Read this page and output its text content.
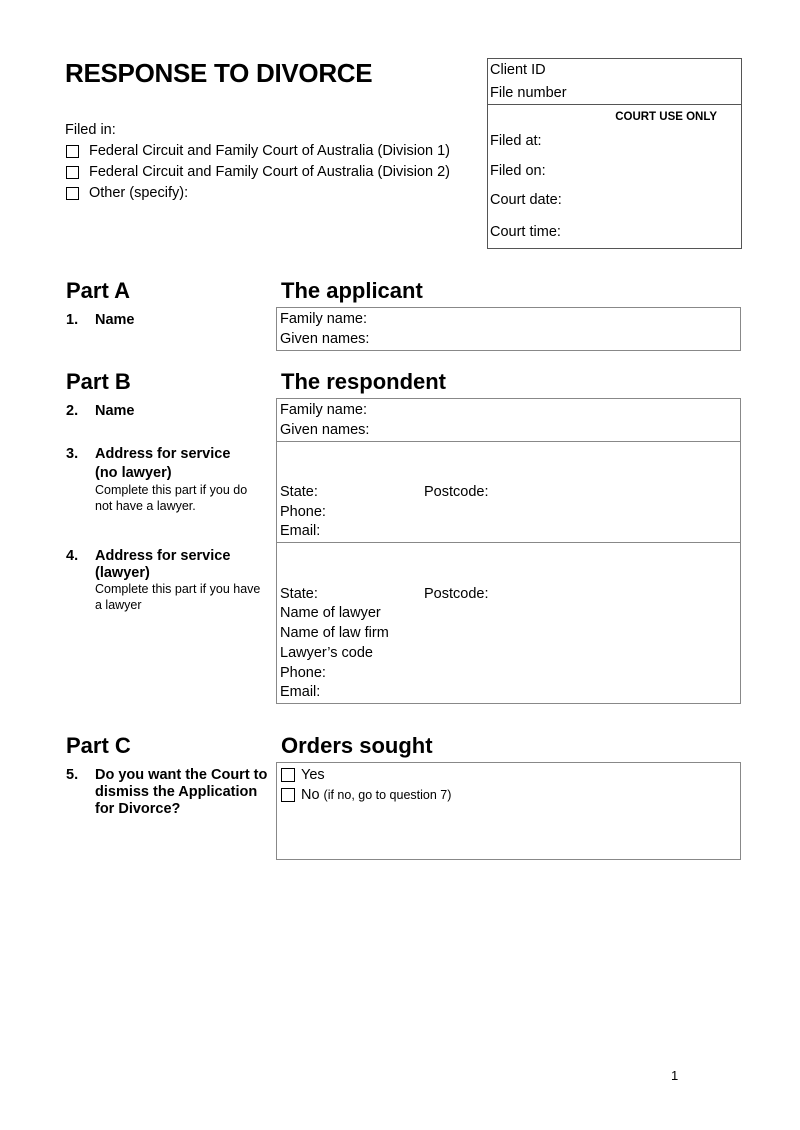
RESPONSE TO DIVORCE
Filed in:
Federal Circuit and Family Court of Australia (Division 1)
Federal Circuit and Family Court of Australia (Division 2)
Other (specify):
Client ID
File number
COURT USE ONLY
Filed at:
Filed on:
Court date:
Court time:
Part A	The applicant
1. Name	Family name:
Given names:
Part B	The respondent
2. Name	Family name:
Given names:
3. Address for service
(no lawyer)
Complete this part if you do
not have a lawyer.
State:	Postcode:
Phone:
Email:
4. Address for service
(lawyer)
Complete this part if you have
a lawyer
State:	Postcode:
Name of lawyer
Name of law firm
Lawyer’s code
Phone:
Email:
Part C	Orders sought
5. Do you want the Court to
dismiss the Application
for Divorce?
Yes
No (if no, go to question 7)
1
